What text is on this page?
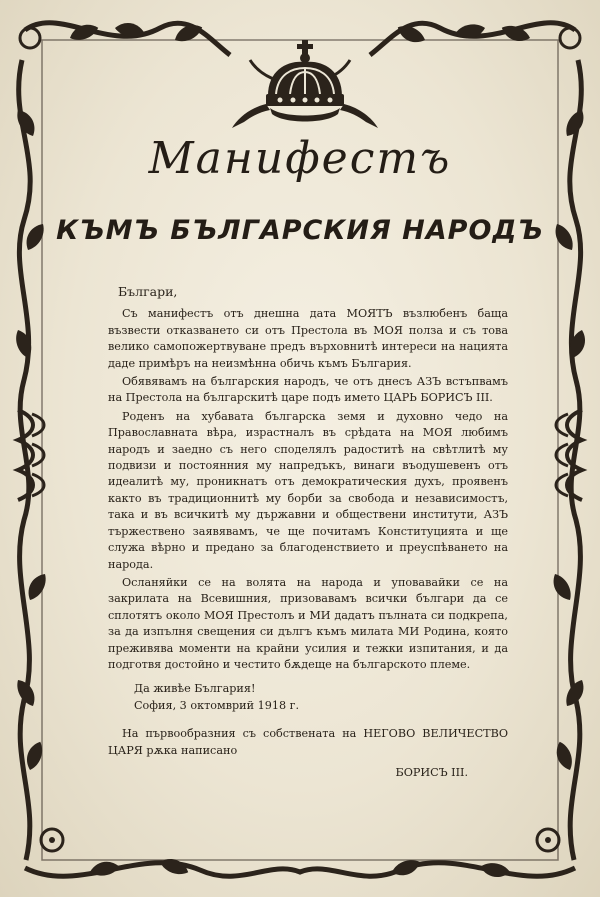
Манифестъ
КЪМЪ БЪЛГАРСКИЯ НАРОДЪ

Българи,

Съ манифестъ отъ днешна дата МОЯТЪ възлюбенъ баща възвести отказването си отъ Престола въ МОЯ полза и съ това велико самопожертвуване предъ върховнитѣ интереси на нацията даде примѣръ на неизмѣнна обичь къмъ България.

Обявявамъ на българския народъ, че отъ днесъ АЗЪ встъпвамъ на Престола на българскитѣ царе подъ името ЦАРЬ БОРИСЪ III.

Роденъ на хубавата българска земя и духовно чедо на Православната вѣра, израстналъ въ срѣдата на МОЯ любимъ народъ и заедно съ него споделялъ радоститѣ на свѣтлитѣ му подвизи и постоянния му напредъкъ, винаги въодушевенъ отъ идеалитѣ му, проникнатъ отъ демократическия духъ, проявенъ както въ традиционнитѣ му борби за свобода и независимостъ, така и въ всичкитѣ му държавни и обществени институти, АЗЪ тържествено заявявамъ, че ще почитамъ Конституцията и ще служа вѣрно и предано за благоденствието и преуспѣването на народа.

Осланяйки се на волята на народа и уповавайки се на закрилата на Всевишния, призовавамъ всички българи да се сплотятъ около МОЯ Престолъ и МИ дадатъ пълната си подкрепа, за да изпълня свещения си дългъ къмъ милата МИ Родина, която преживява моменти на крайни усилия и тежки изпитания, и да подготвя достойно и честито бѫдеще на българското племе.

Да живѣе България!

София, 3 октомврий 1918 г.

На първообразния съ собствената на НЕГОВО ВЕЛИЧЕСТВО ЦАРЯ рѫка написано

БОРИСЪ III.
